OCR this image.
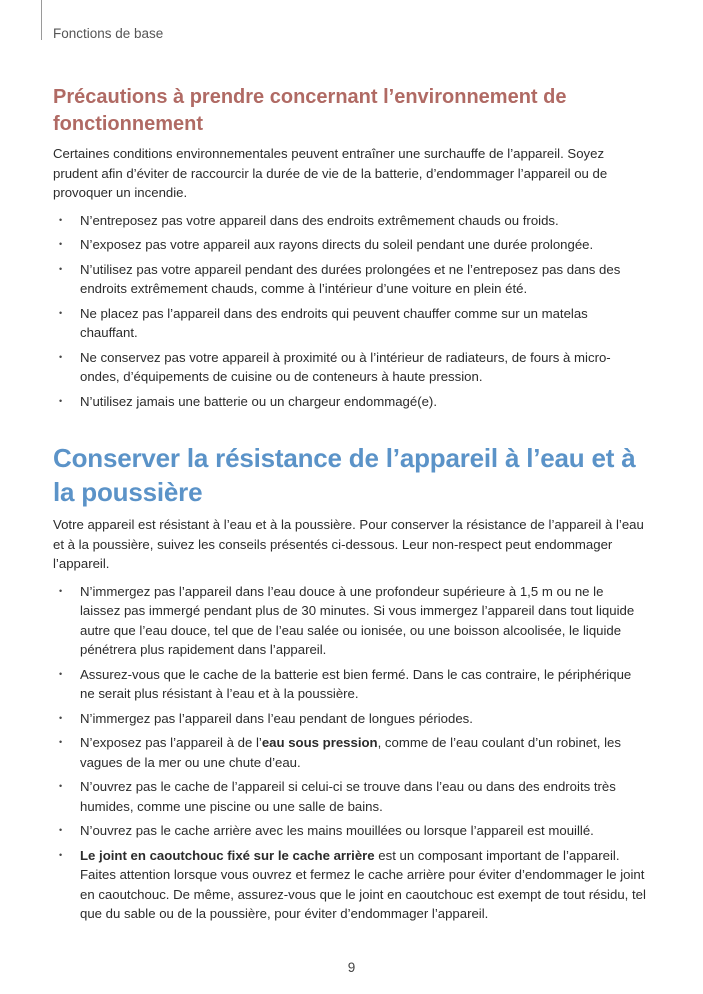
Fonctions de base
Précautions à prendre concernant l’environnement de fonctionnement

Certaines conditions environnementales peuvent entraîner une surchauffe de l’appareil. Soyez prudent afin d’éviter de raccourcir la durée de vie de la batterie, d’endommager l’appareil ou de provoquer un incendie.

• N’entreposez pas votre appareil dans des endroits extrêmement chauds ou froids.
• N’exposez pas votre appareil aux rayons directs du soleil pendant une durée prolongée.
• N’utilisez pas votre appareil pendant des durées prolongées et ne l’entreposez pas dans des endroits extrêmement chauds, comme à l’intérieur d’une voiture en plein été.
• Ne placez pas l’appareil dans des endroits qui peuvent chauffer comme sur un matelas chauffant.
• Ne conservez pas votre appareil à proximité ou à l’intérieur de radiateurs, de fours à micro-ondes, d’équipements de cuisine ou de conteneurs à haute pression.
• N’utilisez jamais une batterie ou un chargeur endommagé(e).
Conserver la résistance de l’appareil à l’eau et à la poussière

Votre appareil est résistant à l’eau et à la poussière. Pour conserver la résistance de l’appareil à l’eau et à la poussière, suivez les conseils présentés ci-dessous. Leur non-respect peut endommager l’appareil.

• N’immergez pas l’appareil dans l’eau douce à une profondeur supérieure à 1,5 m ou ne le laissez pas immergé pendant plus de 30 minutes. Si vous immergez l’appareil dans tout liquide autre que l’eau douce, tel que de l’eau salée ou ionisée, ou une boisson alcoolisée, le liquide pénétrera plus rapidement dans l’appareil.
• Assurez-vous que le cache de la batterie est bien fermé. Dans le cas contraire, le périphérique ne serait plus résistant à l’eau et à la poussière.
• N’immergez pas l’appareil dans l’eau pendant de longues périodes.
• N’exposez pas l’appareil à de l’eau sous pression, comme de l’eau coulant d’un robinet, les vagues de la mer ou une chute d’eau.
• N’ouvrez pas le cache de l’appareil si celui-ci se trouve dans l’eau ou dans des endroits très humides, comme une piscine ou une salle de bains.
• N’ouvrez pas le cache arrière avec les mains mouillées ou lorsque l’appareil est mouillé.
• Le joint en caoutchouc fixé sur le cache arrière est un composant important de l’appareil. Faites attention lorsque vous ouvrez et fermez le cache arrière pour éviter d’endommager le joint en caoutchouc. De même, assurez-vous que le joint en caoutchouc est exempt de tout résidu, tel que du sable ou de la poussière, pour éviter d’endommager l’appareil.
9
